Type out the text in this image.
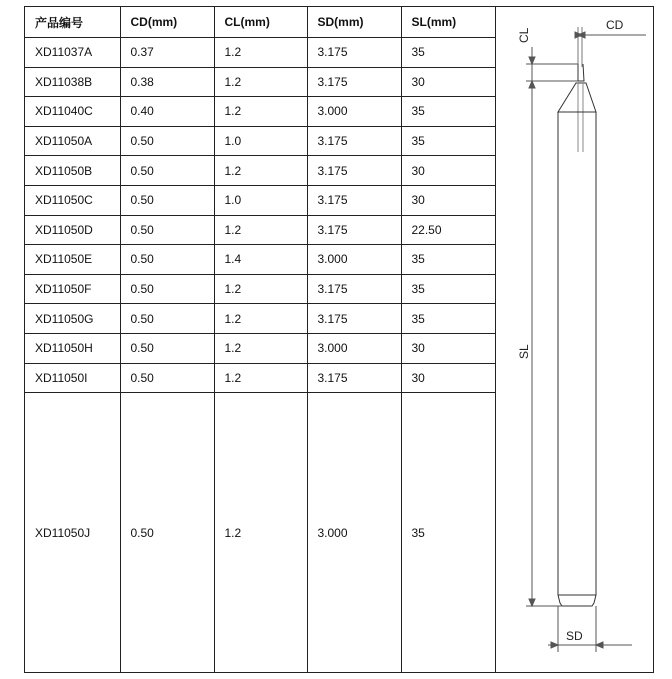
产品编号	CD(mm)	CL(mm)	SD(mm)	SL(mm)
XD11037A	0.37	1.2	3.175	35
XD11038B	0.38	1.2	3.175	30
XD11040C	0.40	1.2	3.000	35
XD11050A	0.50	1.0	3.175	35
XD11050B	0.50	1.2	3.175	30
XD11050C	0.50	1.0	3.175	30
XD11050D	0.50	1.2	3.175	22.50
XD11050E	0.50	1.4	3.000	35
XD11050F	0.50	1.2	3.175	35
XD11050G	0.50	1.2	3.175	35
XD11050H	0.50	1.2	3.000	30
XD11050I	0.50	1.2	3.175	30
XD11050J	0.50	1.2	3.000	35
CD
CL
SL
SD
